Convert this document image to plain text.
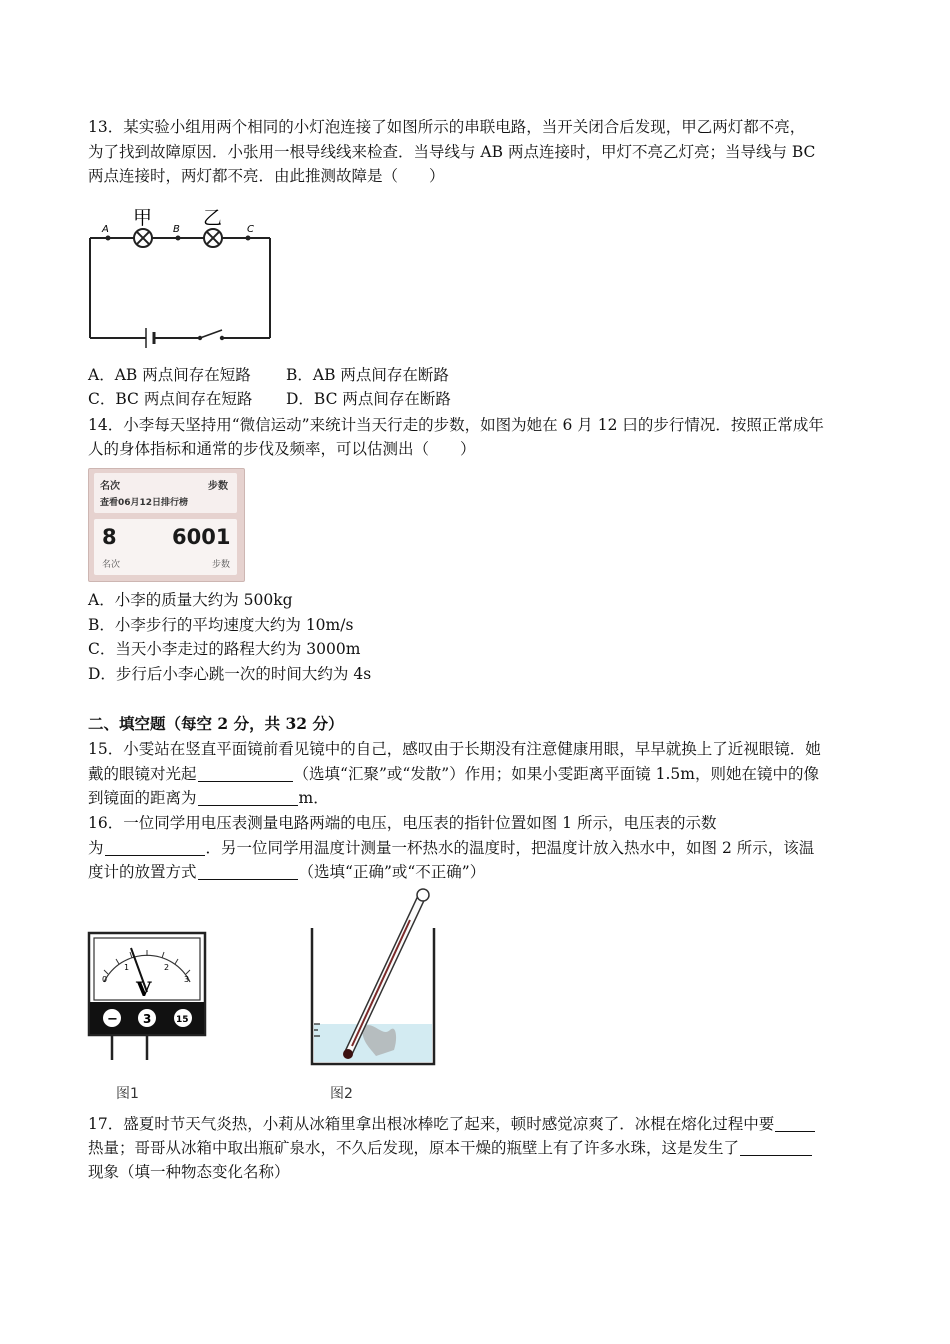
13．某实验小组用两个相同的小灯泡连接了如图所示的串联电路，当开关闭合后发现，甲乙两灯都不亮，
为了找到故障原因．小张用一根导线线来检查．当导线与 AB 两点连接时，甲灯不亮乙灯亮；当导线与 BC
两点连接时，两灯都不亮．由此推测故障是（　　）
甲	乙
A	B	C
A．AB 两点间存在短路 B．AB 两点间存在断路
C．BC 两点间存在短路 D．BC 两点间存在断路
14．小李每天坚持用“微信运动”来统计当天行走的步数，如图为她在 6 月 12 曰的步行情况．按照正常成年
人的身体指标和通常的步伐及频率，可以估测出（　　）
名次	步数
查看06月12日排行榜
8	6001
名次	步数
A．小李的质量大约为 500kg
B．小李步行的平均速度大约为 10m/s
C．当天小李走过的路程大约为 3000m
D．步行后小李心跳一次的时间大约为 4s
二、填空题（每空 2 分，共 32 分）
15．小雯站在竖直平面镜前看见镜中的自己，感叹由于长期没有注意健康用眼，早早就换上了近视眼镜．她
戴的眼镜对光起	（选填“汇聚”或“发散”）作用；如果小雯距离平面镜 1.5m，则她在镜中的像
到镜面的距离为	m．
16．一位同学用电压表测量电路两端的电压，电压表的指针位置如图 1 所示，电压表的示数
为	．另一位同学用温度计测量一杯热水的温度时，把温度计放入热水中，如图 2 所示，该温
度计的放置方式	（选填“正确”或“不正确”）
0
1	2
3
V
− 3	15
图1	图2
17．盛夏时节天气炎热，小莉从冰箱里拿出根冰棒吃了起来，顿时感觉凉爽了．冰棍在熔化过程中要
热量；哥哥从冰箱中取出瓶矿泉水，不久后发现，原本干燥的瓶壁上有了许多水珠，这是发生了
现象（填一种物态变化名称）
